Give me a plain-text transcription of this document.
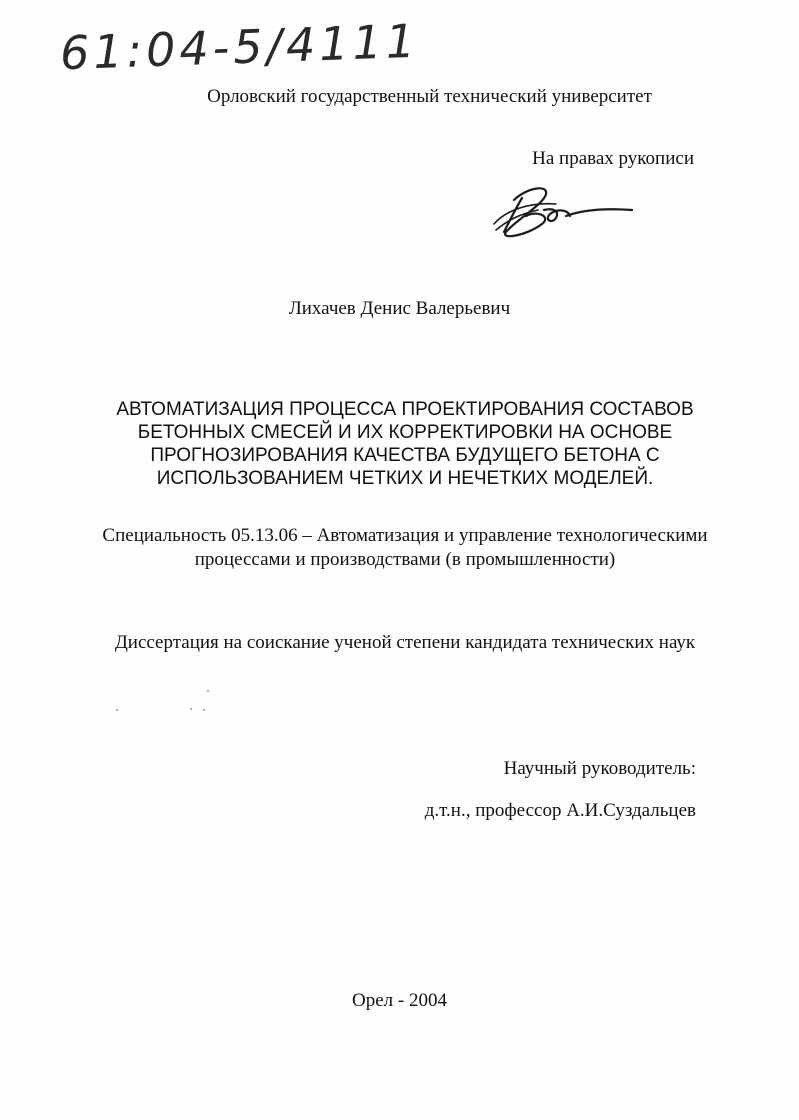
61:04-5/4111
Орловский государственный технический университет
На правах рукописи
Лихачев Денис Валерьевич
АВТОМАТИЗАЦИЯ ПРОЦЕССА ПРОЕКТИРОВАНИЯ СОСТАВОВ
БЕТОННЫХ СМЕСЕЙ И ИХ КОРРЕКТИРОВКИ НА ОСНОВЕ
ПРОГНОЗИРОВАНИЯ КАЧЕСТВА БУДУЩЕГО БЕТОНА С
ИСПОЛЬЗОВАНИЕМ ЧЕТКИХ И НЕЧЕТКИХ МОДЕЛЕЙ.
Специальность 05.13.06 – Автоматизация и управление технологическими
процессами и производствами (в промышленности)
Диссертация на соискание ученой степени кандидата технических наук
Научный руководитель:
д.т.н., профессор А.И.Суздальцев
Орел - 2004
